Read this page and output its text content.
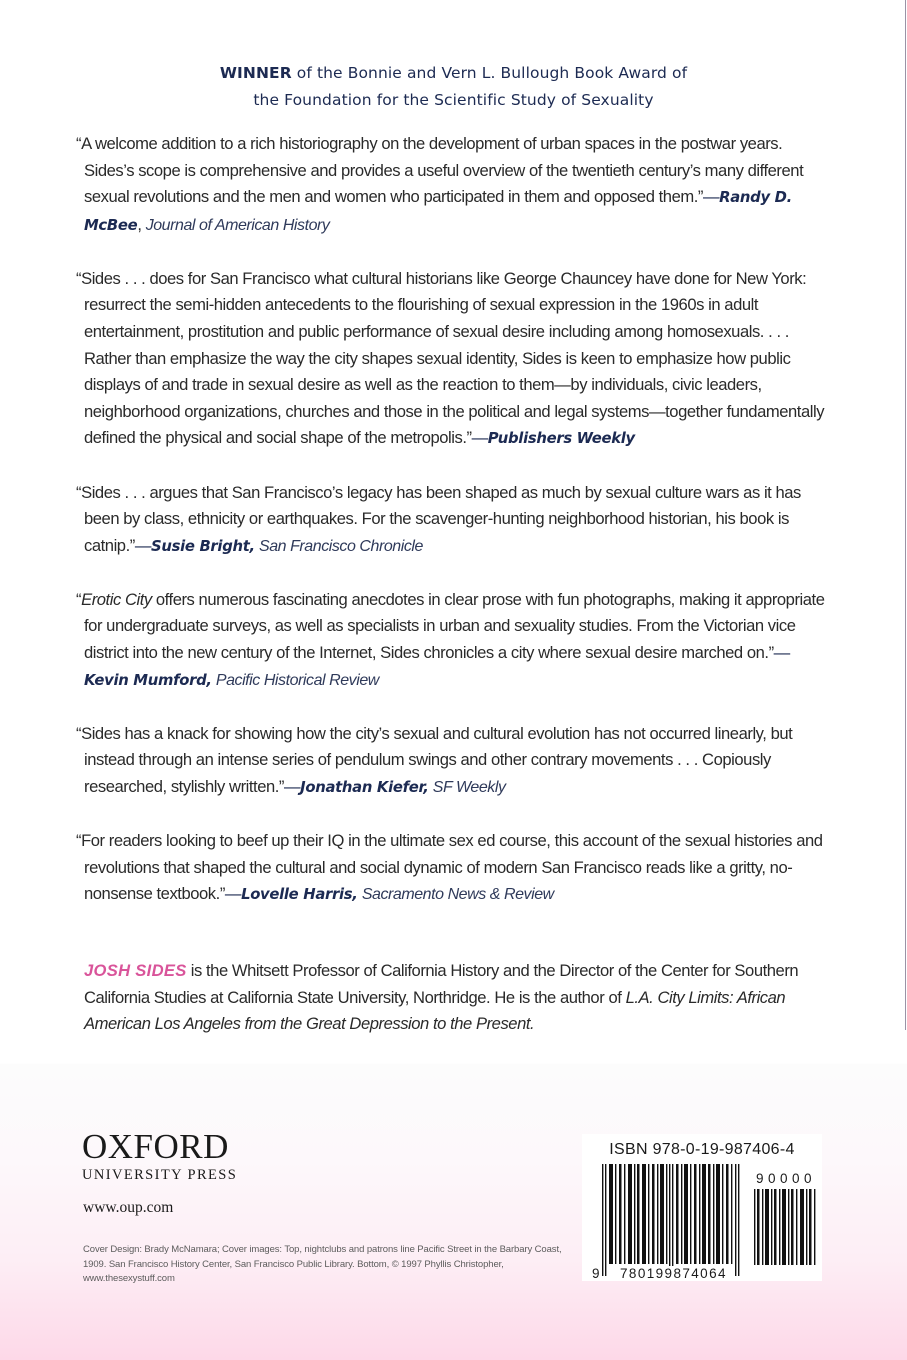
WINNER of the Bonnie and Vern L. Bullough Book Award of
the Foundation for the Scientific Study of Sexuality
“A welcome addition to a rich historiography on the development of urban spaces in the postwar years. Sides’s scope is comprehensive and provides a useful overview of the twentieth century’s many different sexual revolutions and the men and women who participated in them and opposed them.”—Randy D. McBee, Journal of American History
“Sides . . . does for San Francisco what cultural historians like George Chauncey have done for New York: resurrect the semi-hidden antecedents to the flourishing of sexual expression in the 1960s in adult entertainment, prostitution and public performance of sexual desire including among homosexuals. . . . Rather than emphasize the way the city shapes sexual identity, Sides is keen to emphasize how public displays of and trade in sexual desire as well as the reaction to them—by individuals, civic leaders, neighborhood organizations, churches and those in the political and legal systems—together fundamentally defined the physical and social shape of the metropolis.”—Publishers Weekly
“Sides . . . argues that San Francisco’s legacy has been shaped as much by sexual culture wars as it has been by class, ethnicity or earthquakes. For the scavenger-hunting neighborhood historian, his book is catnip.”—Susie Bright, San Francisco Chronicle
“Erotic City offers numerous fascinating anecdotes in clear prose with fun photographs, making it appropriate for undergraduate surveys, as well as specialists in urban and sexuality studies. From the Victorian vice district into the new century of the Internet, Sides chronicles a city where sexual desire marched on.”—Kevin Mumford, Pacific Historical Review
“Sides has a knack for showing how the city’s sexual and cultural evolution has not occurred linearly, but instead through an intense series of pendulum swings and other contrary movements . . . Copiously researched, stylishly written.”—Jonathan Kiefer, SF Weekly
“For readers looking to beef up their IQ in the ultimate sex ed course, this account of the sexual histories and revolutions that shaped the cultural and social dynamic of modern San Francisco reads like a gritty, no-nonsense textbook.”—Lovelle Harris, Sacramento News & Review
JOSH SIDES is the Whitsett Professor of California History and the Director of the Center for Southern California Studies at California State University, Northridge. He is the author of L.A. City Limits: African American Los Angeles from the Great Depression to the Present.
OXFORD
UNIVERSITY PRESS
www.oup.com
Cover Design: Brady McNamara; Cover images: Top, nightclubs and patrons line Pacific Street in the Barbary Coast, 1909. San Francisco History Center, San Francisco Public Library. Bottom, © 1997 Phyllis Christopher, www.thesexystuff.com
ISBN 978-0-19-987406-4
90000
9 780199874064
